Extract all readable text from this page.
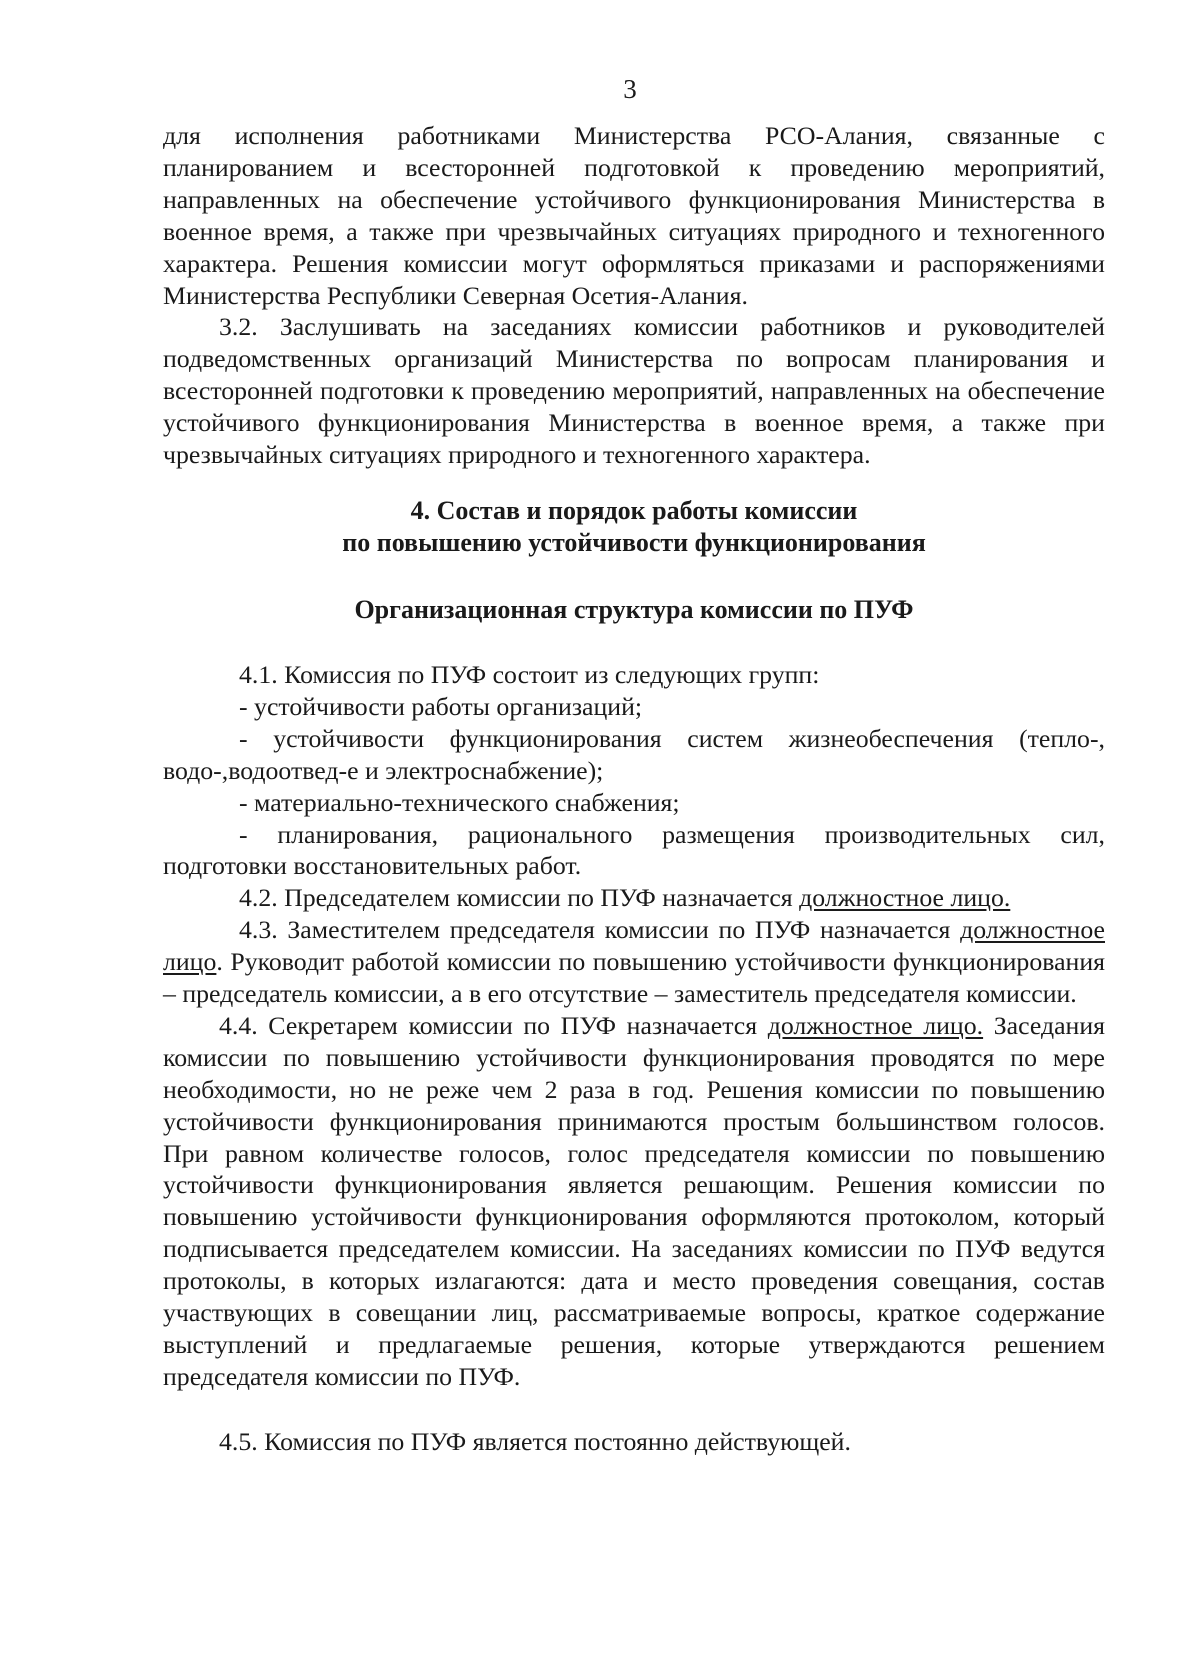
3

для исполнения работниками Министерства РСО-Алания, связанные с планированием и всесторонней подготовкой к проведению мероприятий, направленных на обеспечение устойчивого функционирования Министерства в военное время, а также при чрезвычайных ситуациях природного и техногенного характера. Решения комиссии могут оформляться приказами и распоряжениями Министерства Республики Северная Осетия-Алания.

3.2. Заслушивать на заседаниях комиссии работников и руководителей подведомственных организаций Министерства по вопросам планирования и всесторонней подготовки к проведению мероприятий, направленных на обеспечение устойчивого функционирования Министерства в военное время, а также при чрезвычайных ситуациях природного и техногенного характера.

4. Состав и порядок работы комиссии
по повышению устойчивости функционирования
Организационная структура комиссии по ПУФ

4.1. Комиссия по ПУФ состоит из следующих групп:

- устойчивости работы организаций;

- устойчивости функционирования систем жизнеобеспечения (тепло-, водо-,водоотвед-е и электроснабжение);

- материально-технического снабжения;

- планирования, рационального размещения производительных сил, подготовки восстановительных работ.

4.2. Председателем комиссии по ПУФ назначается должностное лицо.

4.3. Заместителем председателя комиссии по ПУФ назначается должностное лицо. Руководит работой комиссии по повышению устойчивости функционирования – председатель комиссии, а в его отсутствие – заместитель председателя комиссии.

4.4. Секретарем комиссии по ПУФ назначается должностное лицо. Заседания комиссии по повышению устойчивости функционирования проводятся по мере необходимости, но не реже чем 2 раза в год. Решения комиссии по повышению устойчивости функционирования принимаются простым большинством голосов. При равном количестве голосов, голос председателя комиссии по повышению устойчивости функционирования является решающим. Решения комиссии по повышению устойчивости функционирования оформляются протоколом, который подписывается председателем комиссии. На заседаниях комиссии по ПУФ ведутся протоколы, в которых излагаются: дата и место проведения совещания, состав участвующих в совещании лиц, рассматриваемые вопросы, краткое содержание выступлений и предлагаемые решения, которые утверждаются решением председателя комиссии по ПУФ.

4.5. Комиссия по ПУФ является постоянно действующей.
